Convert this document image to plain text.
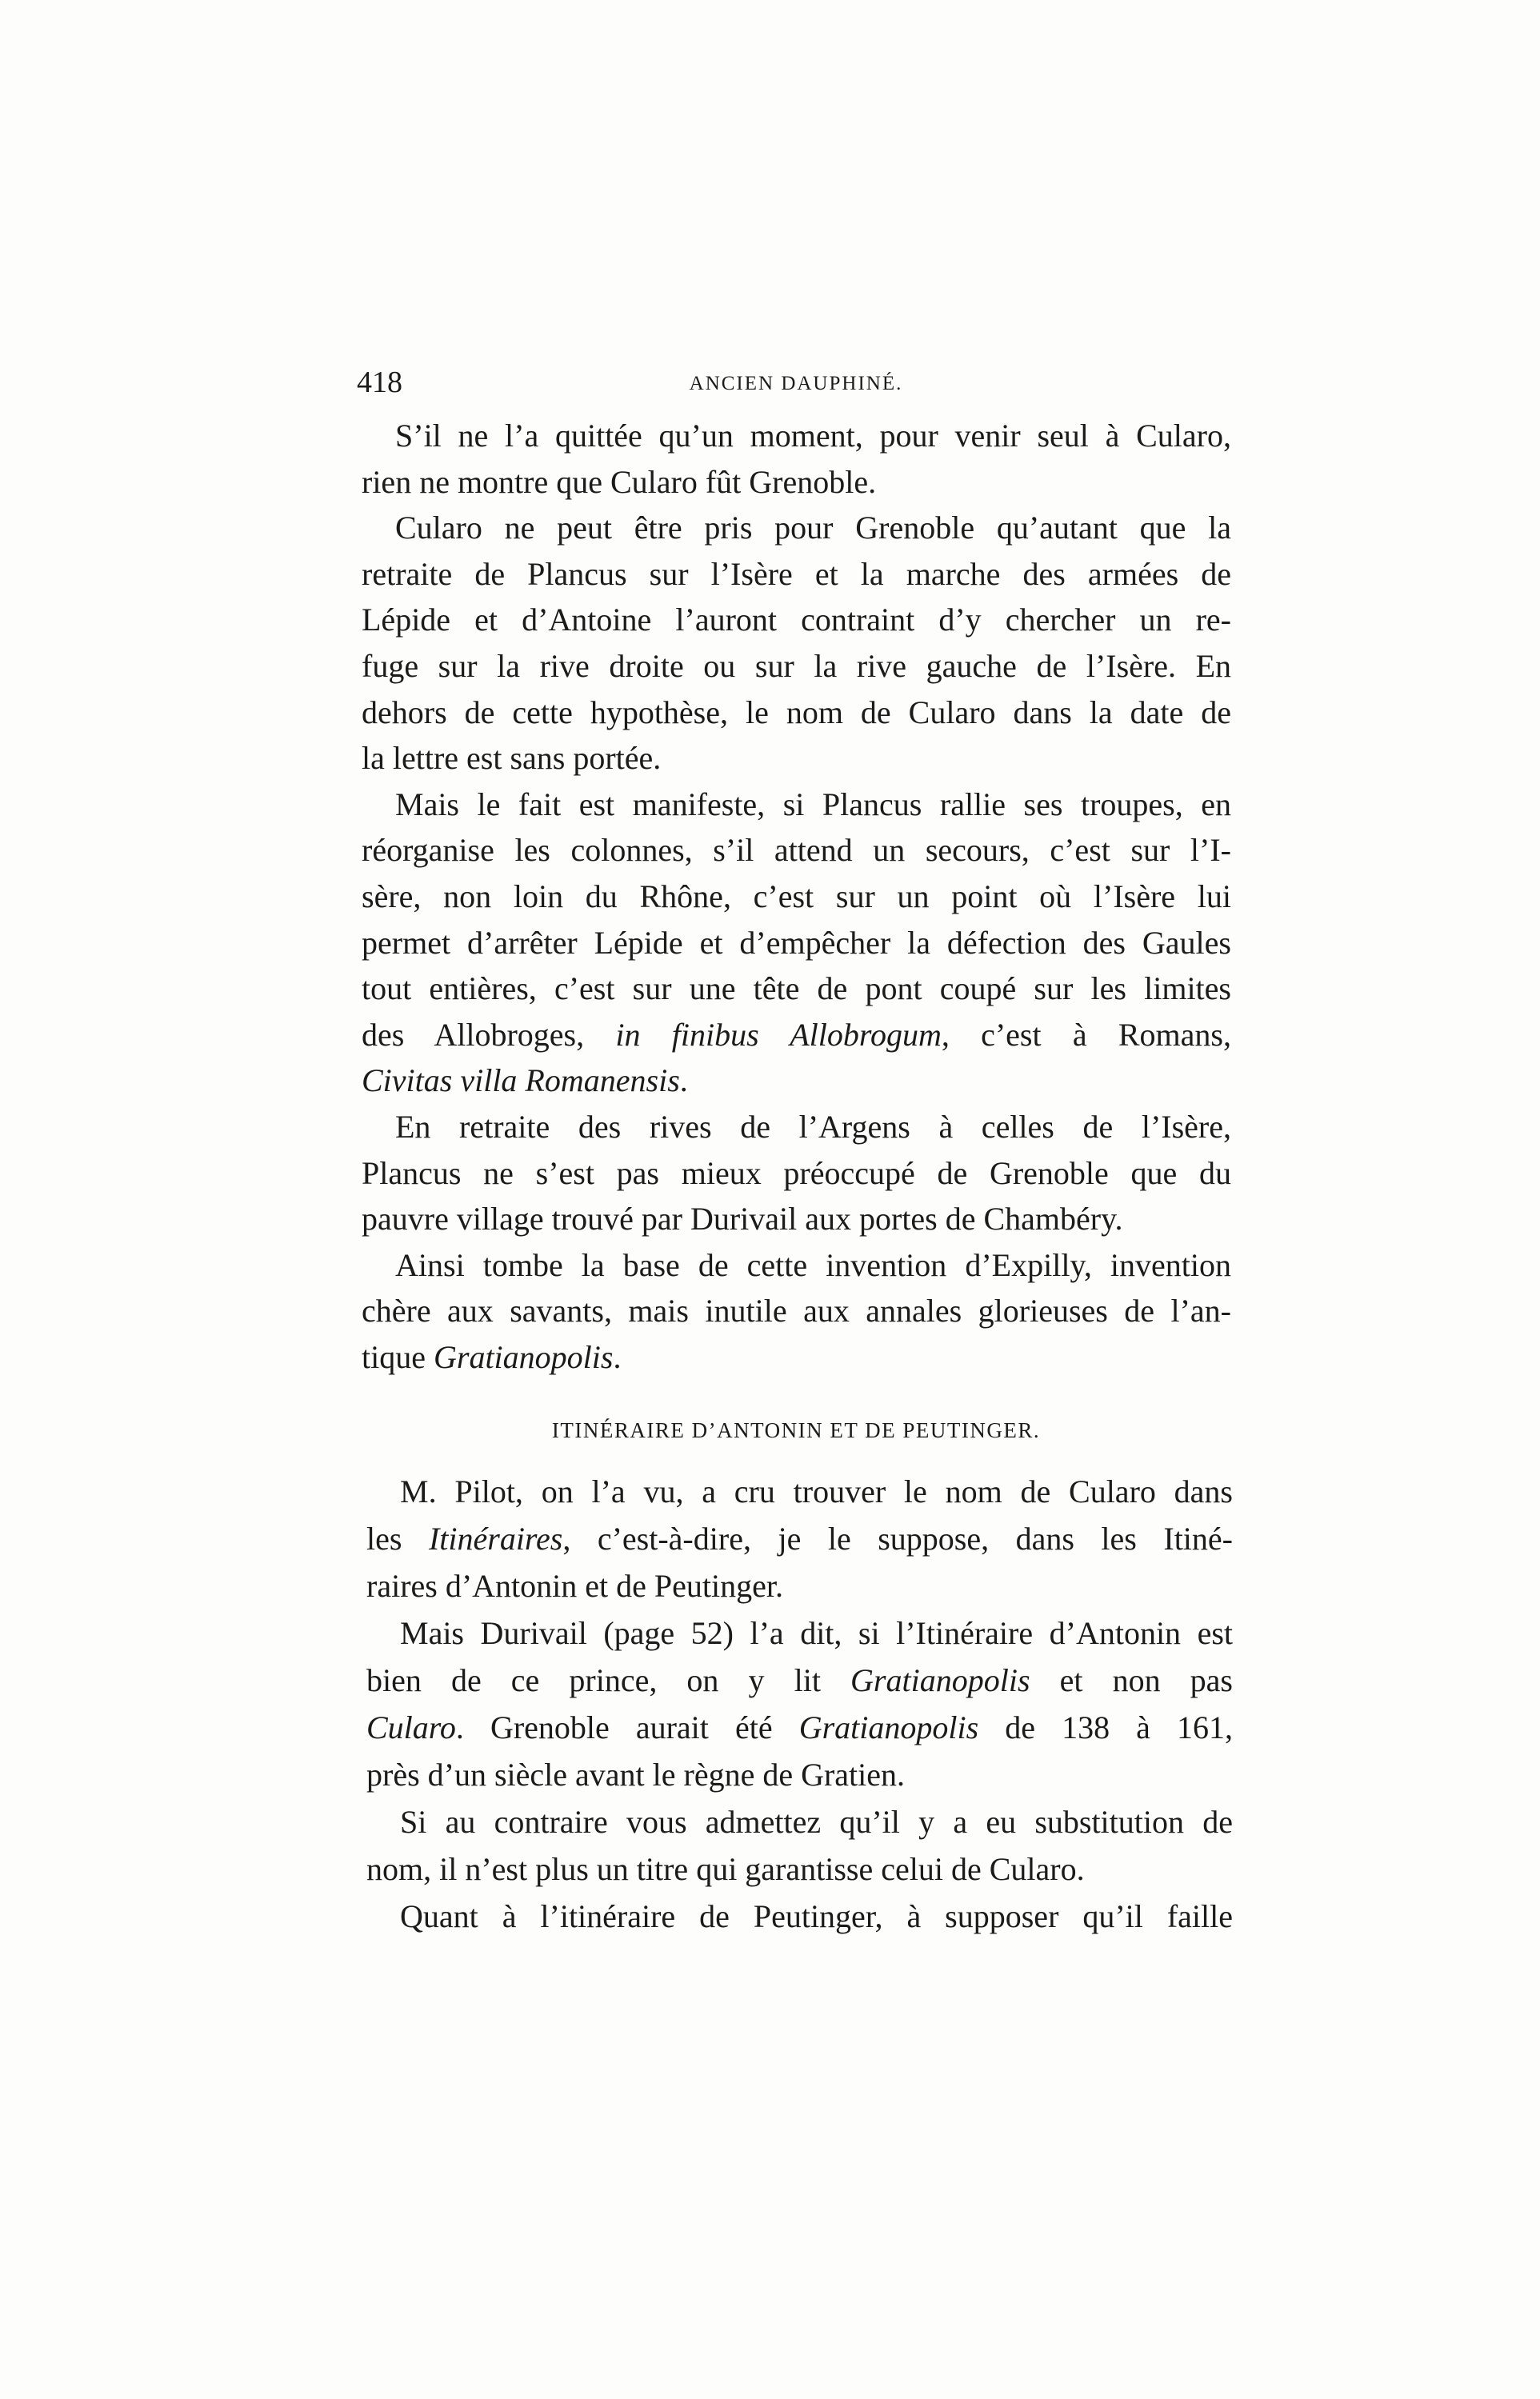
418	ANCIEN DAUPHINÉ.
S’il ne l’a quittée qu’un moment, pour venir seul à Cularo,
rien ne montre que Cularo fût Grenoble.
Cularo ne peut être pris pour Grenoble qu’autant que la
retraite de Plancus sur l’Isère et la marche des armées de
Lépide et d’Antoine l’auront contraint d’y chercher un re-
fuge sur la rive droite ou sur la rive gauche de l’Isère. En
dehors de cette hypothèse, le nom de Cularo dans la date de
la lettre est sans portée.
Mais le fait est manifeste, si Plancus rallie ses troupes, en
réorganise les colonnes, s’il attend un secours, c’est sur l’I-
sère, non loin du Rhône, c’est sur un point où l’Isère lui
permet d’arrêter Lépide et d’empêcher la défection des Gaules
tout entières, c’est sur une tête de pont coupé sur les limites
des Allobroges, in finibus Allobrogum, c’est à Romans,
Civitas villa Romanensis.
En retraite des rives de l’Argens à celles de l’Isère,
Plancus ne s’est pas mieux préoccupé de Grenoble que du
pauvre village trouvé par Durivail aux portes de Chambéry.
Ainsi tombe la base de cette invention d’Expilly, invention
chère aux savants, mais inutile aux annales glorieuses de l’an-
tique Gratianopolis.
ITINÉRAIRE D’ANTONIN ET DE PEUTINGER.
M. Pilot, on l’a vu, a cru trouver le nom de Cularo dans
les Itinéraires, c’est-à-dire, je le suppose, dans les Itiné-
raires d’Antonin et de Peutinger.
Mais Durivail (page 52) l’a dit, si l’Itinéraire d’Antonin est
bien de ce prince, on y lit Gratianopolis et non pas
Cularo. Grenoble aurait été Gratianopolis de 138 à 161,
près d’un siècle avant le règne de Gratien.
Si au contraire vous admettez qu’il y a eu substitution de
nom, il n’est plus un titre qui garantisse celui de Cularo.
Quant à l’itinéraire de Peutinger, à supposer qu’il faille
